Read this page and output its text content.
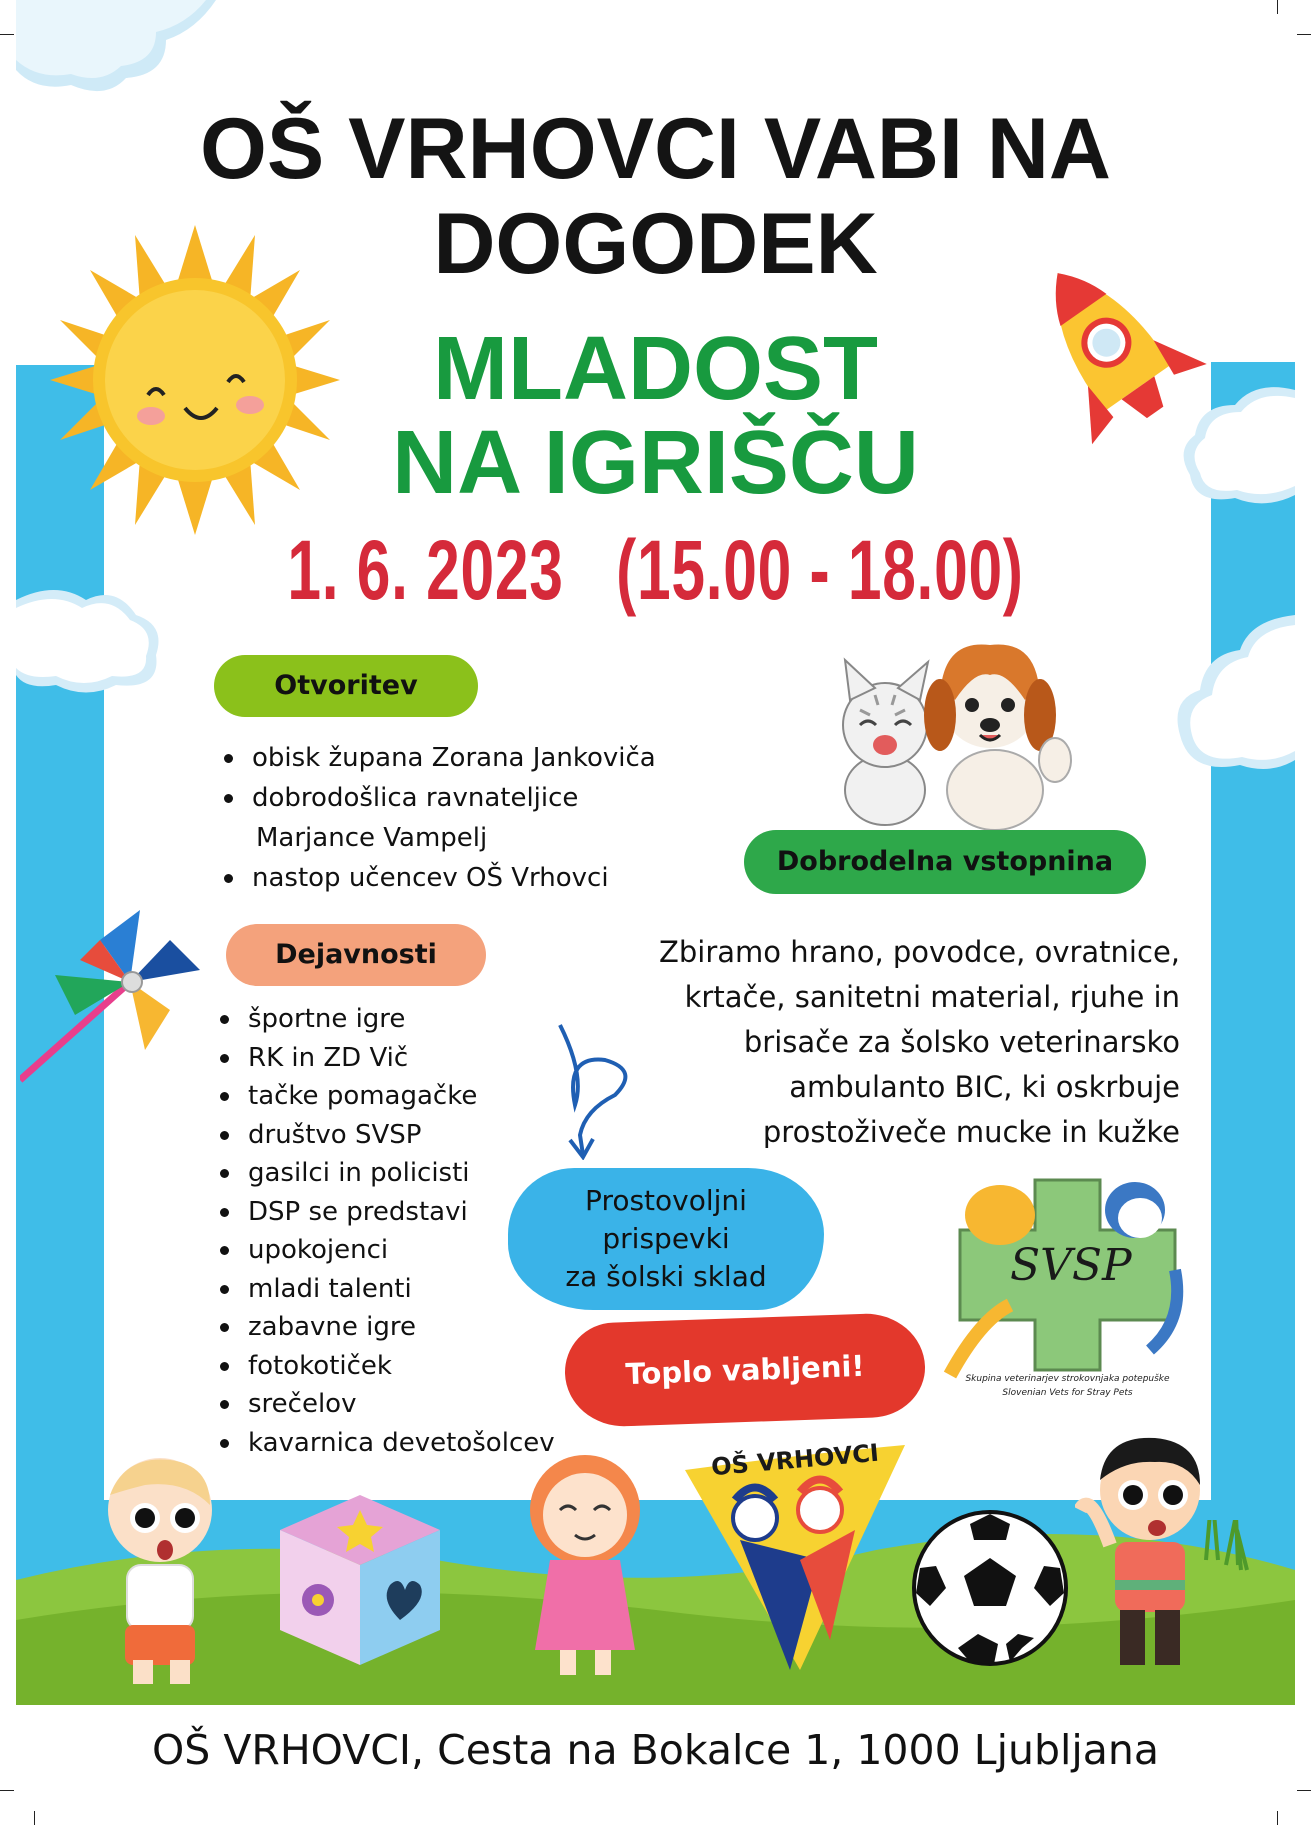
OŠ VRHOVCI VABI NA
DOGODEK
MLADOST
NA IGRIŠČU
1. 6. 2023   (15.00 - 18.00)
Otvoritev
obisk župana Zorana Jankoviča
dobrodošlica ravnateljice
Marjance Vampelj
nastop učencev OŠ Vrhovci
Dobrodelna vstopnina
Dejavnosti
športne igre
RK in ZD Vič
tačke pomagačke
društvo SVSP
gasilci in policisti
DSP se predstavi
upokojenci
mladi talenti
zabavne igre
fotokotiček
srečelov
kavarnica devetošolcev
Zbiramo hrano, povodce, ovratnice,
krtače, sanitetni material, rjuhe in
brisače za šolsko veterinarsko
ambulanto BIC, ki oskrbuje
prostoživeče mucke in kužke
Prostovoljni
prispevki
za šolski sklad
Toplo vabljeni!
SVSP
Skupina veterinarjev strokovnjaka potepuške
Slovenian Vets for Stray Pets
OŠ VRHOVCI
OŠ VRHOVCI, Cesta na Bokalce 1, 1000 Ljubljana
